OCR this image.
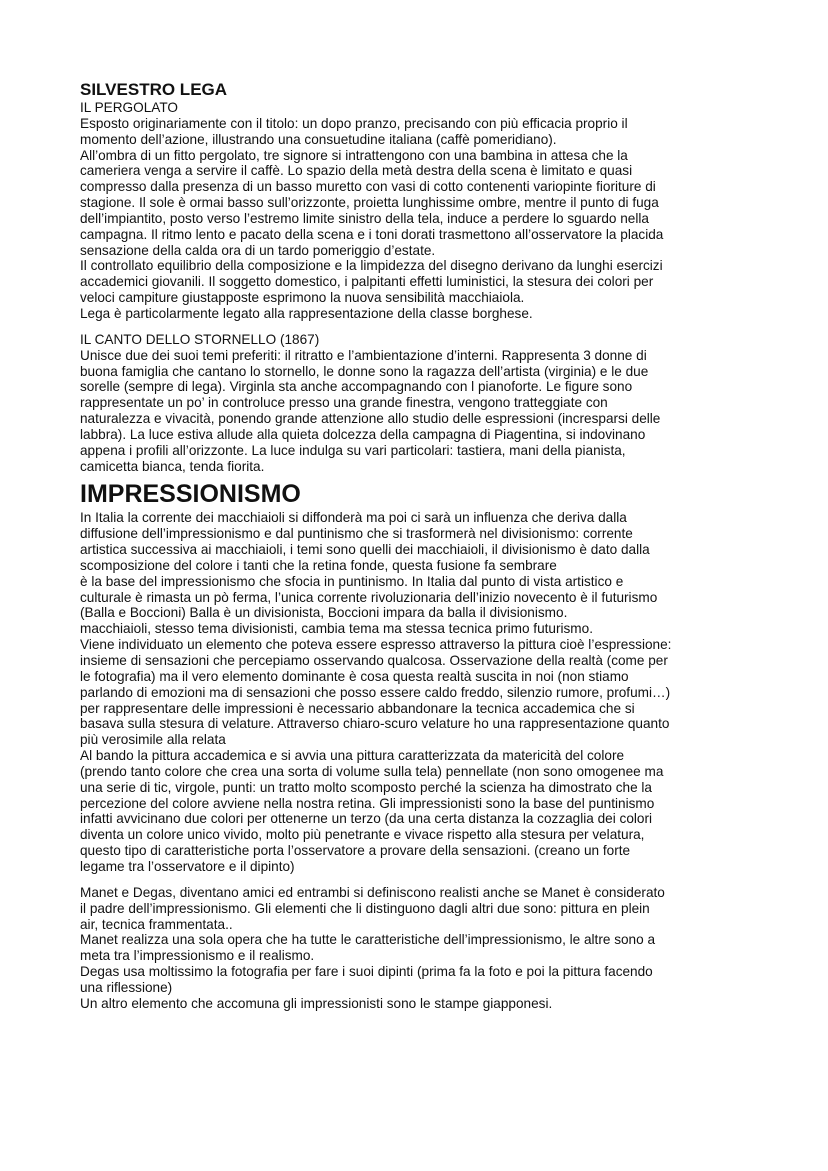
SILVESTRO LEGA
IL PERGOLATO
Esposto originariamente con il titolo: un dopo pranzo, precisando con più efficacia proprio il
momento dell’azione, illustrando una consuetudine italiana (caffè pomeridiano).
All’ombra di un fitto pergolato, tre signore si intrattengono con una bambina in attesa che la
cameriera venga a servire il caffè. Lo spazio della metà destra della scena è limitato e quasi
compresso dalla presenza di un basso muretto con vasi di cotto contenenti variopinte fioriture di
stagione. Il sole è ormai basso sull’orizzonte, proietta lunghissime ombre, mentre il punto di fuga
dell’impiantito, posto verso l’estremo limite sinistro della tela, induce a perdere lo sguardo nella
campagna. Il ritmo lento e pacato della scena e i toni dorati trasmettono all’osservatore la placida
sensazione della calda ora di un tardo pomeriggio d’estate.
Il controllato equilibrio della composizione e la limpidezza del disegno derivano da lunghi esercizi
accademici giovanili. Il soggetto domestico, i palpitanti effetti luministici, la stesura dei colori per
veloci campiture giustapposte esprimono la nuova sensibilità macchiaiola.
Lega è particolarmente legato alla rappresentazione della classe borghese.
IL CANTO DELLO STORNELLO (1867)
Unisce due dei suoi temi preferiti: il ritratto e l’ambientazione d’interni. Rappresenta 3 donne di
buona famiglia che cantano lo stornello, le donne sono la ragazza dell’artista (virginia) e le due
sorelle (sempre di lega). Virginla sta anche accompagnando con l pianoforte. Le figure sono
rappresentate un po’ in controluce presso una grande finestra, vengono tratteggiate con
naturalezza e vivacità, ponendo grande attenzione allo studio delle espressioni (incresparsi delle
labbra). La luce estiva allude alla quieta dolcezza della campagna di Piagentina, si indovinano
appena i profili all’orizzonte. La luce indulga su vari particolari: tastiera, mani della pianista,
camicetta bianca, tenda fiorita.
IMPRESSIONISMO
In Italia la corrente dei macchiaioli si diffonderà ma poi ci sarà un influenza che deriva dalla
diffusione dell’impressionismo e dal puntinismo che si trasformerà nel divisionismo: corrente
artistica successiva ai macchiaioli, i temi sono quelli dei macchiaioli, il divisionismo è dato dalla
scomposizione del colore i tanti che la retina fonde, questa fusione fa sembrare
è la base del impressionismo che sfocia in puntinismo. In Italia dal punto di vista artistico e
culturale è rimasta un pò ferma, l’unica corrente rivoluzionaria dell’inizio novecento è il futurismo
(Balla e Boccioni) Balla è un divisionista, Boccioni impara da balla il divisionismo.
macchiaioli, stesso tema divisionisti, cambia tema ma stessa tecnica primo futurismo.
Viene individuato un elemento che poteva essere espresso attraverso la pittura cioè l’espressione:
insieme di sensazioni che percepiamo osservando qualcosa. Osservazione della realtà (come per
le fotografia) ma il vero elemento dominante è cosa questa realtà suscita in noi (non stiamo
parlando di emozioni ma di sensazioni che posso essere caldo freddo, silenzio rumore, profumi…)
per rappresentare delle impressioni è necessario abbandonare la tecnica accademica che si
basava sulla stesura di velature. Attraverso chiaro-scuro velature ho una rappresentazione quanto
più verosimile alla relata
Al bando la pittura accademica e si avvia una pittura caratterizzata da matericità del colore
(prendo tanto colore che crea una sorta di volume sulla tela) pennellate (non sono omogenee ma
una serie di tic, virgole, punti: un tratto molto scomposto perché la scienza ha dimostrato che la
percezione del colore avviene nella nostra retina. Gli impressionisti sono la base del puntinismo
infatti avvicinano due colori per ottenerne un terzo (da una certa distanza la cozzaglia dei colori
diventa un colore unico vivido, molto più penetrante e vivace rispetto alla stesura per velatura,
questo tipo di caratteristiche porta l’osservatore a provare della sensazioni. (creano un forte
legame tra l’osservatore e il dipinto)
Manet e Degas, diventano amici ed entrambi si definiscono realisti anche se Manet è considerato
il padre dell’impressionismo. Gli elementi che li distinguono dagli altri due sono: pittura en plein
air, tecnica frammentata..
Manet realizza una sola opera che ha tutte le caratteristiche dell’impressionismo, le altre sono a
meta tra l’impressionismo e il realismo.
Degas usa moltissimo la fotografia per fare i suoi dipinti (prima fa la foto e poi la pittura facendo
una riflessione)
Un altro elemento che accomuna gli impressionisti sono le stampe giapponesi.
